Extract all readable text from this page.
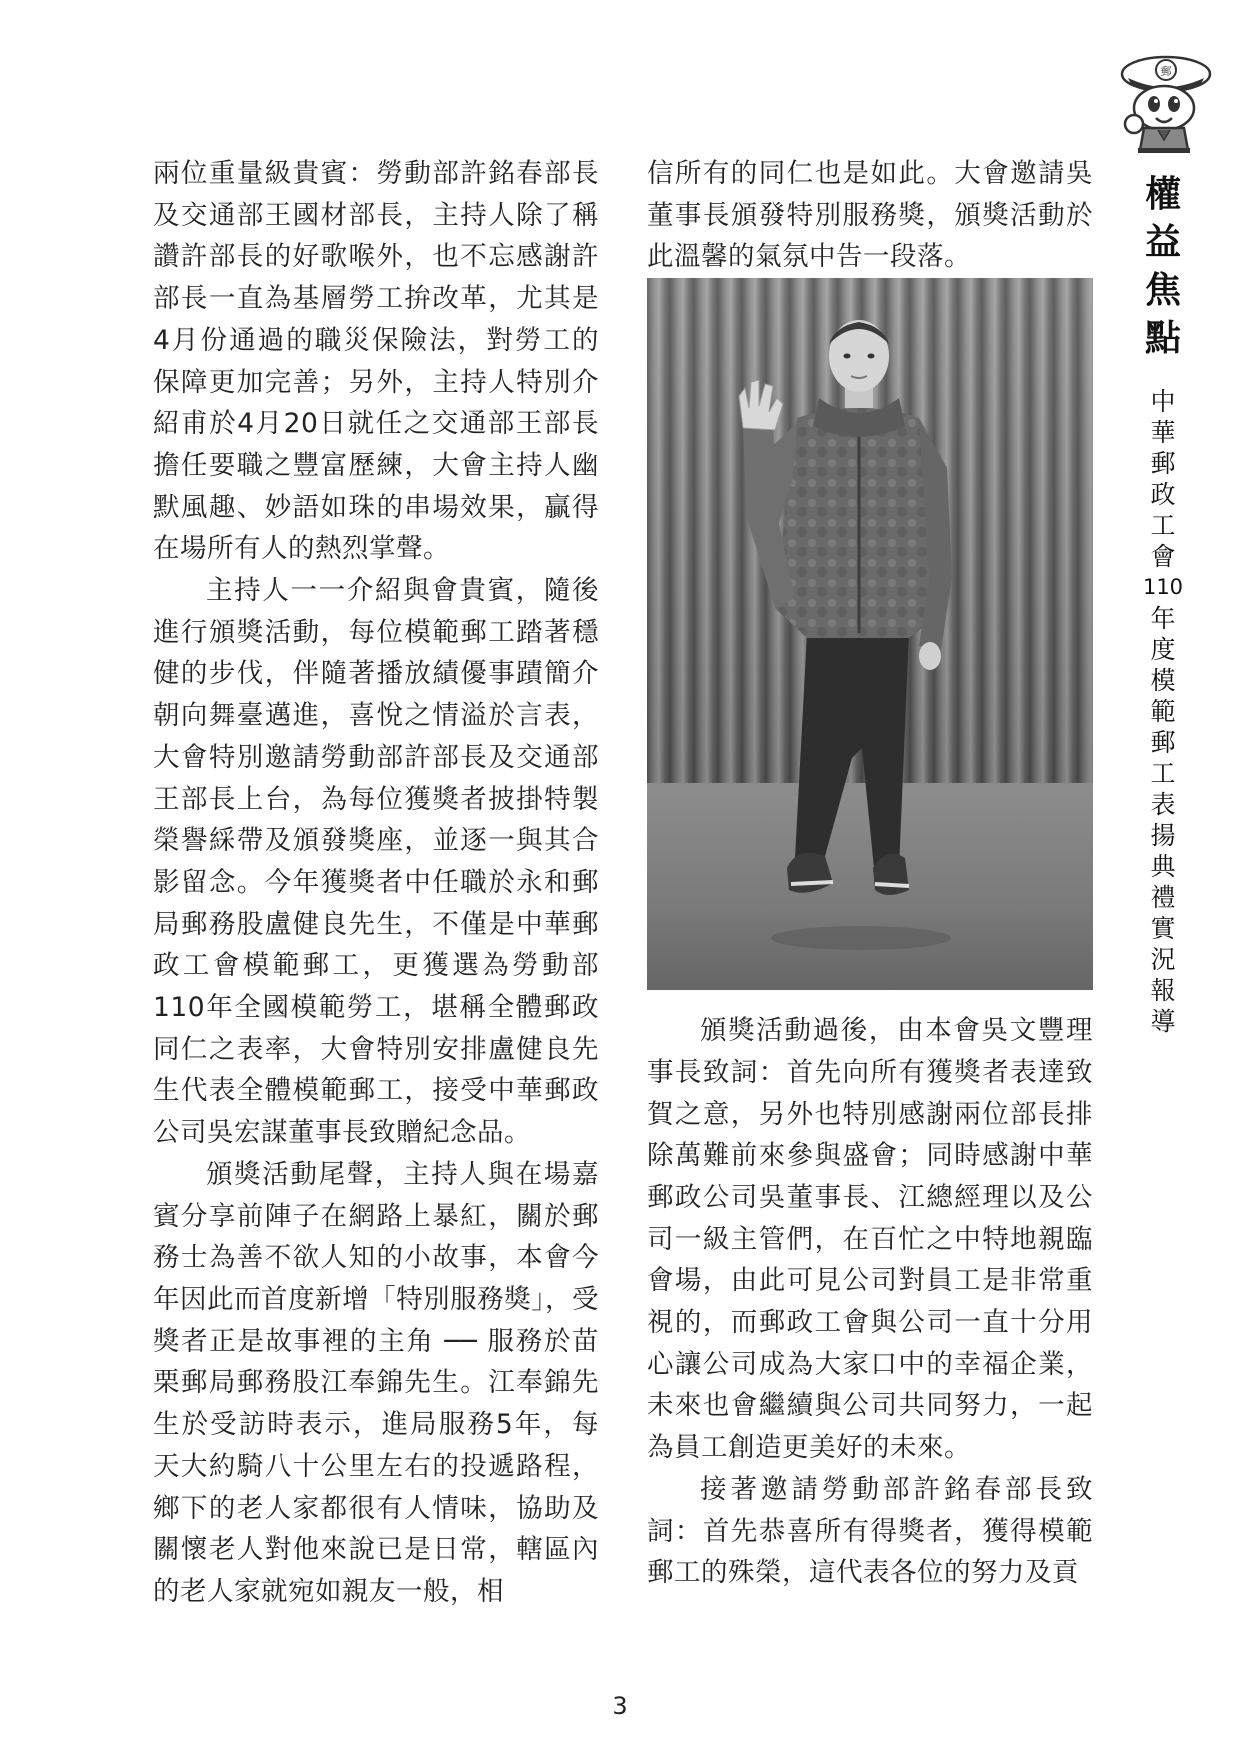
郵
權
益
焦
點
中
華
郵
政
工
會
110
年
度
模
範
郵
工
表
揚
典
禮
實
況
報
導

兩位重量級貴賓：勞動部許銘春部長及交通部王國材部長，主持人除了稱讚許部長的好歌喉外，也不忘感謝許部長一直為基層勞工拚改革，尤其是4月份通過的職災保險法，對勞工的保障更加完善；另外，主持人特別介紹甫於4月20日就任之交通部王部長擔任要職之豐富歷練，大會主持人幽默風趣、妙語如珠的串場效果，贏得在場所有人的熱烈掌聲。

主持人一一介紹與會貴賓，隨後進行頒獎活動，每位模範郵工踏著穩健的步伐，伴隨著播放績優事蹟簡介朝向舞臺邁進，喜悅之情溢於言表，大會特別邀請勞動部許部長及交通部王部長上台，為每位獲獎者披掛特製榮譽綵帶及頒發獎座，並逐一與其合影留念。今年獲獎者中任職於永和郵局郵務股盧健良先生，不僅是中華郵政工會模範郵工，更獲選為勞動部110年全國模範勞工，堪稱全體郵政同仁之表率，大會特別安排盧健良先生代表全體模範郵工，接受中華郵政公司吳宏謀董事長致贈紀念品。

頒獎活動尾聲，主持人與在場嘉賓分享前陣子在網路上暴紅，關於郵務士為善不欲人知的小故事，本會今年因此而首度新增「特別服務獎」，受獎者正是故事裡的主角 ── 服務於苗栗郵局郵務股江奉錦先生。江奉錦先生於受訪時表示，進局服務5年，每天大約騎八十公里左右的投遞路程，鄉下的老人家都很有人情味，協助及關懷老人對他來說已是日常，轄區內的老人家就宛如親友一般，相

信所有的同仁也是如此。大會邀請吳董事長頒發特別服務獎，頒獎活動於此溫馨的氣氛中告一段落。

頒獎活動過後，由本會吳文豐理事長致詞：首先向所有獲獎者表達致賀之意，另外也特別感謝兩位部長排除萬難前來參與盛會；同時感謝中華郵政公司吳董事長、江總經理以及公司一級主管們，在百忙之中特地親臨會場，由此可見公司對員工是非常重視的，而郵政工會與公司一直十分用心讓公司成為大家口中的幸福企業，未來也會繼續與公司共同努力，一起為員工創造更美好的未來。

接著邀請勞動部許銘春部長致詞：首先恭喜所有得獎者，獲得模範郵工的殊榮，這代表各位的努力及貢

3
